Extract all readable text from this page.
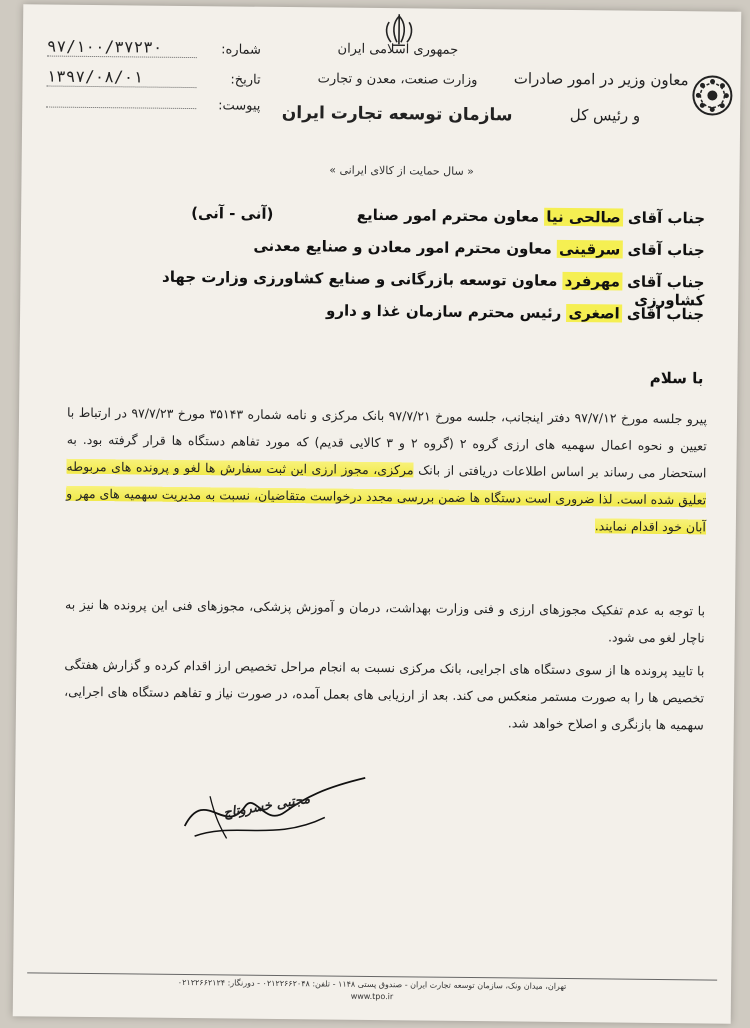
جمهوری اسلامی ایران
وزارت صنعت، معدن و تجارت
سازمان توسعه تجارت ایران
معاون وزیر در امور صادرات
و رئیس کل
۹۷/۱۰۰/۳۷۲۳۰	شماره:
۱۳۹۷/۰۸/۰۱	تاریخ:
پیوست:
« سال حمایت از کالای ایرانی »
(آنی - آنی)	جناب آقای صالحی نیا معاون محترم امور صنایع
جناب آقای سرقینی معاون محترم امور معادن و صنایع معدنی
جناب آقای مهرفرد معاون توسعه بازرگانی و صنایع کشاورزی وزارت جهاد کشاورزی
جناب آقای اصغری رئیس محترم سازمان غذا و دارو
با سلام
پیرو جلسه مورخ ۹۷/۷/۱۲ دفتر اینجانب، جلسه مورخ ۹۷/۷/۲۱ بانک مرکزی و نامه شماره ۳۵۱۴۳ مورخ ۹۷/۷/۲۳ در ارتباط با تعیین و نحوه اعمال سهمیه های ارزی گروه ۲ (گروه ۲ و ۳ کالایی قدیم) که مورد تفاهم دستگاه ها قرار گرفته بود. به استحضار می رساند بر اساس اطلاعات دریافتی از بانک مرکزی، مجوز ارزی این ثبت سفارش ها لغو و پرونده های مربوطه تعلیق شده است. لذا ضروری است دستگاه ها ضمن بررسی مجدد درخواست متقاضیان، نسبت به مدیریت سهمیه های مهر و آبان خود اقدام نمایند.
با توجه به عدم تفکیک مجوزهای ارزی و فنی وزارت بهداشت، درمان و آموزش پزشکی، مجوزهای فنی این پرونده ها نیز به ناچار لغو می شود.
با تایید پرونده ها از سوی دستگاه های اجرایی، بانک مرکزی نسبت به انجام مراحل تخصیص ارز اقدام کرده و گزارش هفتگی تخصیص ها را به صورت مستمر منعکس می کند. بعد از ارزیابی های بعمل آمده، در صورت نیاز و تفاهم دستگاه های اجرایی، سهمیه ها بازنگری و اصلاح خواهد شد.
مجتبی خسروتاج
تهران، میدان ونک، سازمان توسعه تجارت ایران - صندوق پستی ۱۱۴۸ - تلفن: ۰۲۱۲۲۶۶۲۰۴۸ - دورنگار: ۰۲۱۲۲۶۶۲۱۲۴
www.tpo.ir
